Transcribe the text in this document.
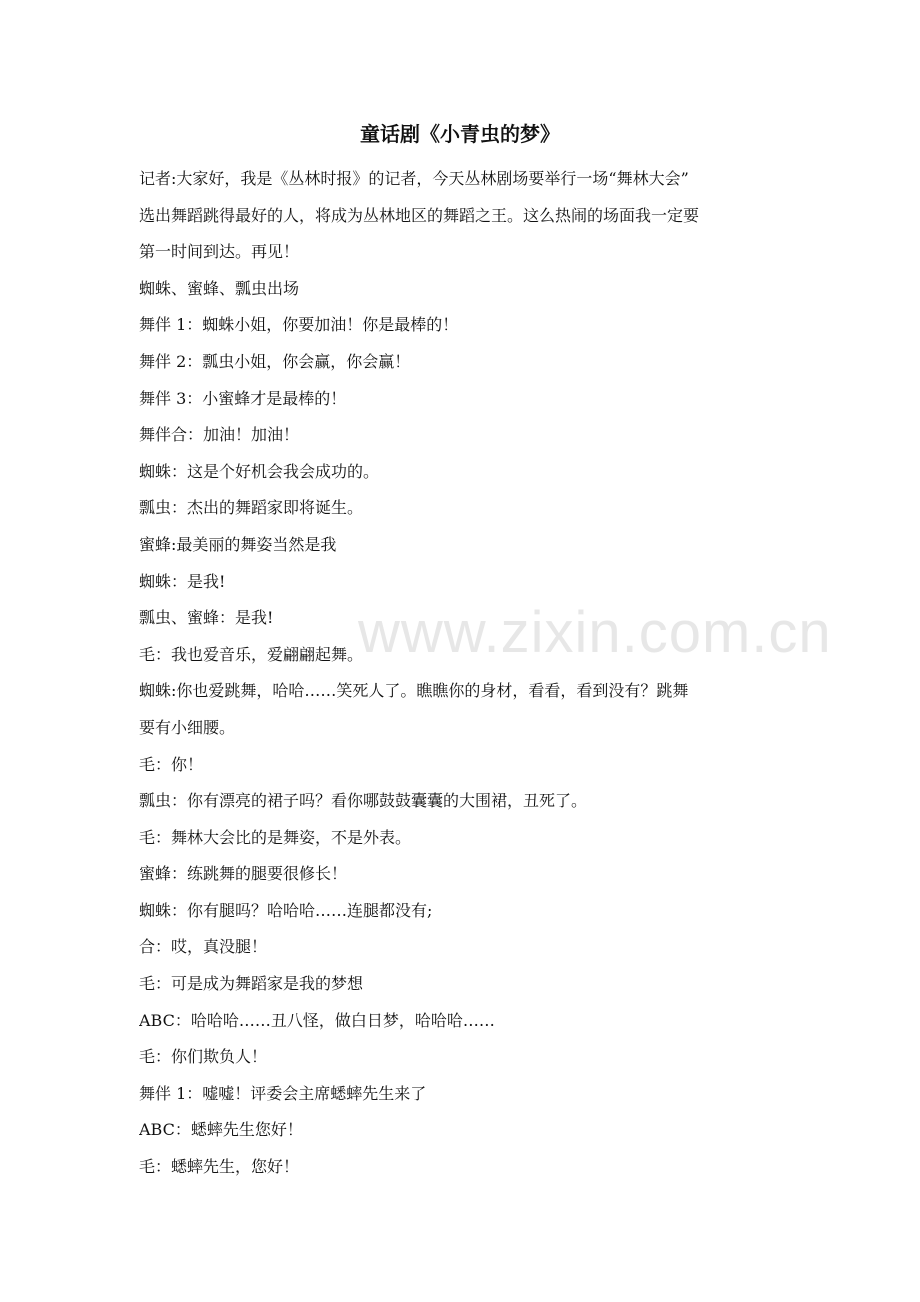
童话剧《小青虫的梦》
记者:大家好，我是《丛林时报》的记者，今天丛林剧场要举行一场“舞林大会”
选出舞蹈跳得最好的人，将成为丛林地区的舞蹈之王。这么热闹的场面我一定要
第一时间到达。再见！
蜘蛛、蜜蜂、瓢虫出场
舞伴 1：蜘蛛小姐，你要加油！你是最棒的！
舞伴 2：瓢虫小姐，你会赢，你会赢！
舞伴 3：小蜜蜂才是最棒的！
舞伴合：加油！加油！
蜘蛛：这是个好机会我会成功的。
瓢虫：杰出的舞蹈家即将诞生。
蜜蜂:最美丽的舞姿当然是我
蜘蛛：是我!
瓢虫、蜜蜂：是我!
毛：我也爱音乐，爱翩翩起舞。
蜘蛛:你也爱跳舞，哈哈……笑死人了。瞧瞧你的身材，看看，看到没有？跳舞
要有小细腰。
毛：你！
瓢虫：你有漂亮的裙子吗？看你哪鼓鼓囊囊的大围裙，丑死了。
毛：舞林大会比的是舞姿，不是外表。
蜜蜂：练跳舞的腿要很修长！
蜘蛛：你有腿吗？哈哈哈……连腿都没有;
合：哎，真没腿！
毛：可是成为舞蹈家是我的梦想
ABC：哈哈哈……丑八怪，做白日梦，哈哈哈……
毛：你们欺负人！
舞伴 1：嘘嘘！评委会主席蟋蟀先生来了
ABC：蟋蟀先生您好！
毛：蟋蟀先生，您好！
www.zixin.com.cn
